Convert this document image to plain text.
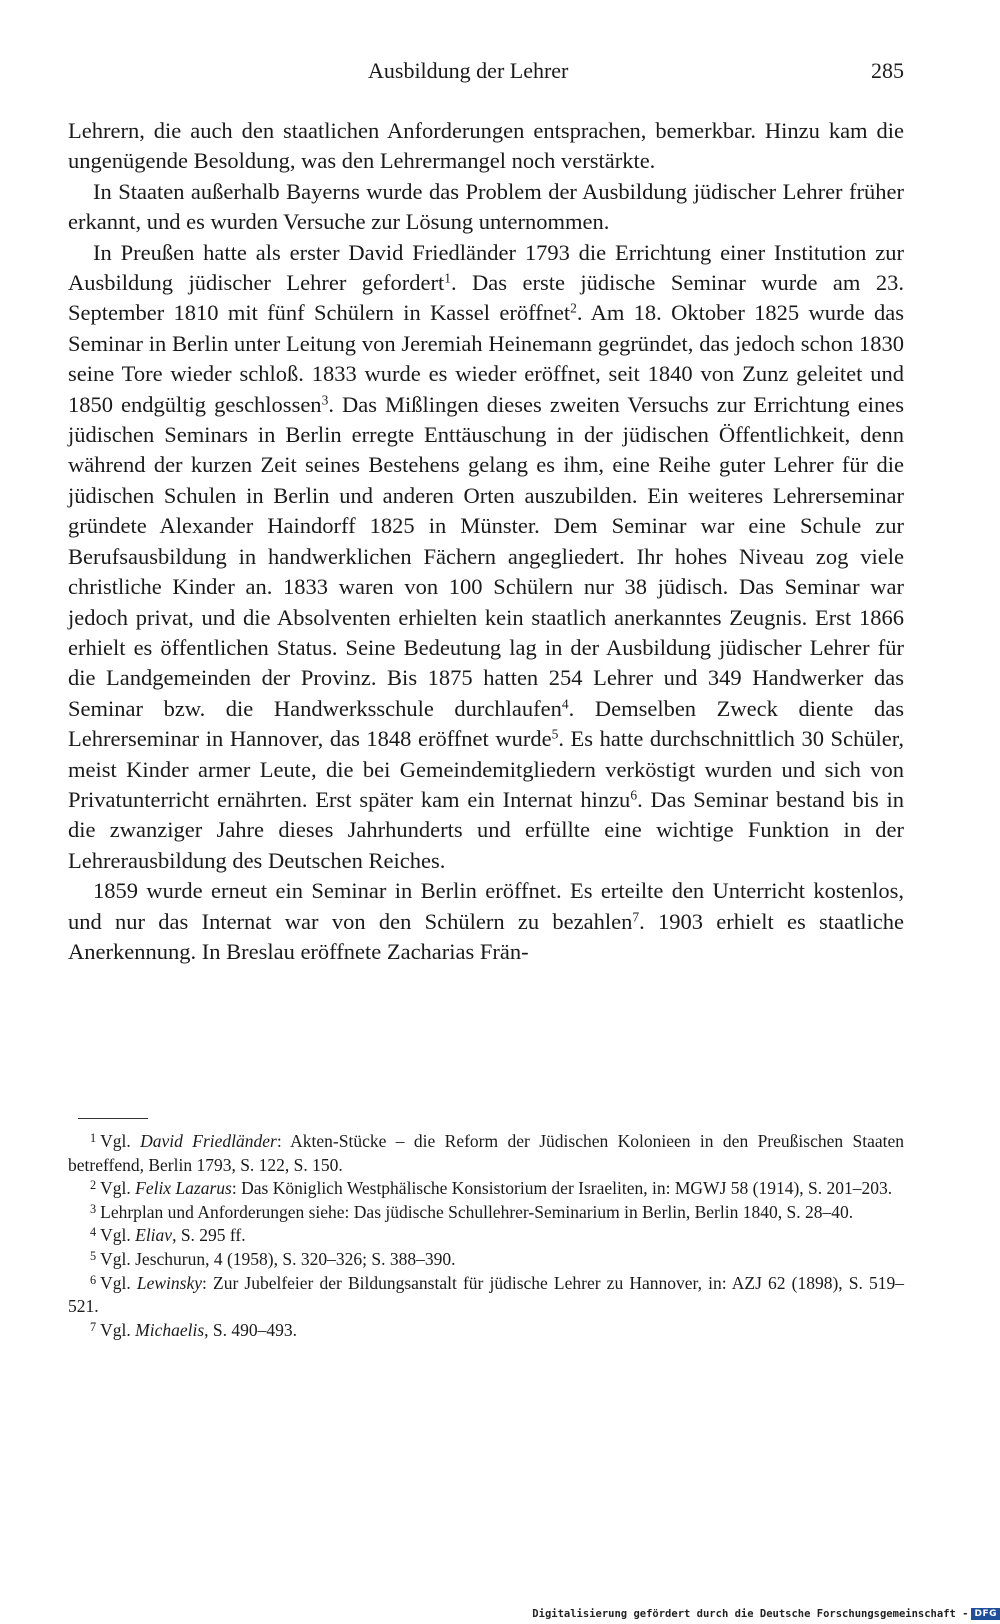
Ausbildung der Lehrer	285

Lehrern, die auch den staatlichen Anforderungen entsprachen, bemerkbar. Hinzu kam die ungenügende Besoldung, was den Lehrermangel noch verstärkte.

In Staaten außerhalb Bayerns wurde das Problem der Ausbildung jüdischer Lehrer früher erkannt, und es wurden Versuche zur Lösung unternommen.

In Preußen hatte als erster David Friedländer 1793 die Errichtung einer Institution zur Ausbildung jüdischer Lehrer gefordert$^1$. Das erste jüdische Seminar wurde am 23. September 1810 mit fünf Schülern in Kassel eröffnet$^2$. Am 18. Oktober 1825 wurde das Seminar in Berlin unter Leitung von Jeremiah Heinemann gegründet, das jedoch schon 1830 seine Tore wieder schloß. 1833 wurde es wieder eröffnet, seit 1840 von Zunz geleitet und 1850 endgültig geschlossen$^3$. Das Mißlingen dieses zweiten Versuchs zur Errichtung eines jüdischen Seminars in Berlin erregte Enttäuschung in der jüdischen Öffentlichkeit, denn während der kurzen Zeit seines Bestehens gelang es ihm, eine Reihe guter Lehrer für die jüdischen Schulen in Berlin und anderen Orten auszubilden. Ein weiteres Lehrerseminar gründete Alexander Haindorff 1825 in Münster. Dem Seminar war eine Schule zur Berufsausbildung in handwerklichen Fächern angegliedert. Ihr hohes Niveau zog viele christliche Kinder an. 1833 waren von 100 Schülern nur 38 jüdisch. Das Seminar war jedoch privat, und die Absolventen erhielten kein staatlich anerkanntes Zeugnis. Erst 1866 erhielt es öffentlichen Status. Seine Bedeutung lag in der Ausbildung jüdischer Lehrer für die Landgemeinden der Provinz. Bis 1875 hatten 254 Lehrer und 349 Handwerker das Seminar bzw. die Handwerksschule durchlaufen$^4$. Demselben Zweck diente das Lehrerseminar in Hannover, das 1848 eröffnet wurde$^5$. Es hatte durchschnittlich 30 Schüler, meist Kinder armer Leute, die bei Gemeindemitgliedern verköstigt wurden und sich von Privatunterricht ernährten. Erst später kam ein Internat hinzu$^6$. Das Seminar bestand bis in die zwanziger Jahre dieses Jahrhunderts und erfüllte eine wichtige Funktion in der Lehrerausbildung des Deutschen Reiches.

1859 wurde erneut ein Seminar in Berlin eröffnet. Es erteilte den Unterricht kostenlos, und nur das Internat war von den Schülern zu bezahlen$^7$. 1903 erhielt es staatliche Anerkennung. In Breslau eröffnete Zacharias Frän-

$^1$ Vgl. David Friedländer: Akten-Stücke – die Reform der Jüdischen Kolonieen in den Preußischen Staaten betreffend, Berlin 1793, S. 122, S. 150.

$^2$ Vgl. Felix Lazarus: Das Königlich Westphälische Konsistorium der Israeliten, in: MGWJ 58 (1914), S. 201–203.

$^3$ Lehrplan und Anforderungen siehe: Das jüdische Schullehrer-Seminarium in Berlin, Berlin 1840, S. 28–40.

$^4$ Vgl. Eliav, S. 295 ff.

$^5$ Vgl. Jeschurun, 4 (1958), S. 320–326; S. 388–390.

$^6$ Vgl. Lewinsky: Zur Jubelfeier der Bildungsanstalt für jüdische Lehrer zu Hannover, in: AZJ 62 (1898), S. 519–521.

$^7$ Vgl. Michaelis, S. 490–493.

Digitalisierung gefördert durch die Deutsche Forschungsgemeinschaft - DFG
